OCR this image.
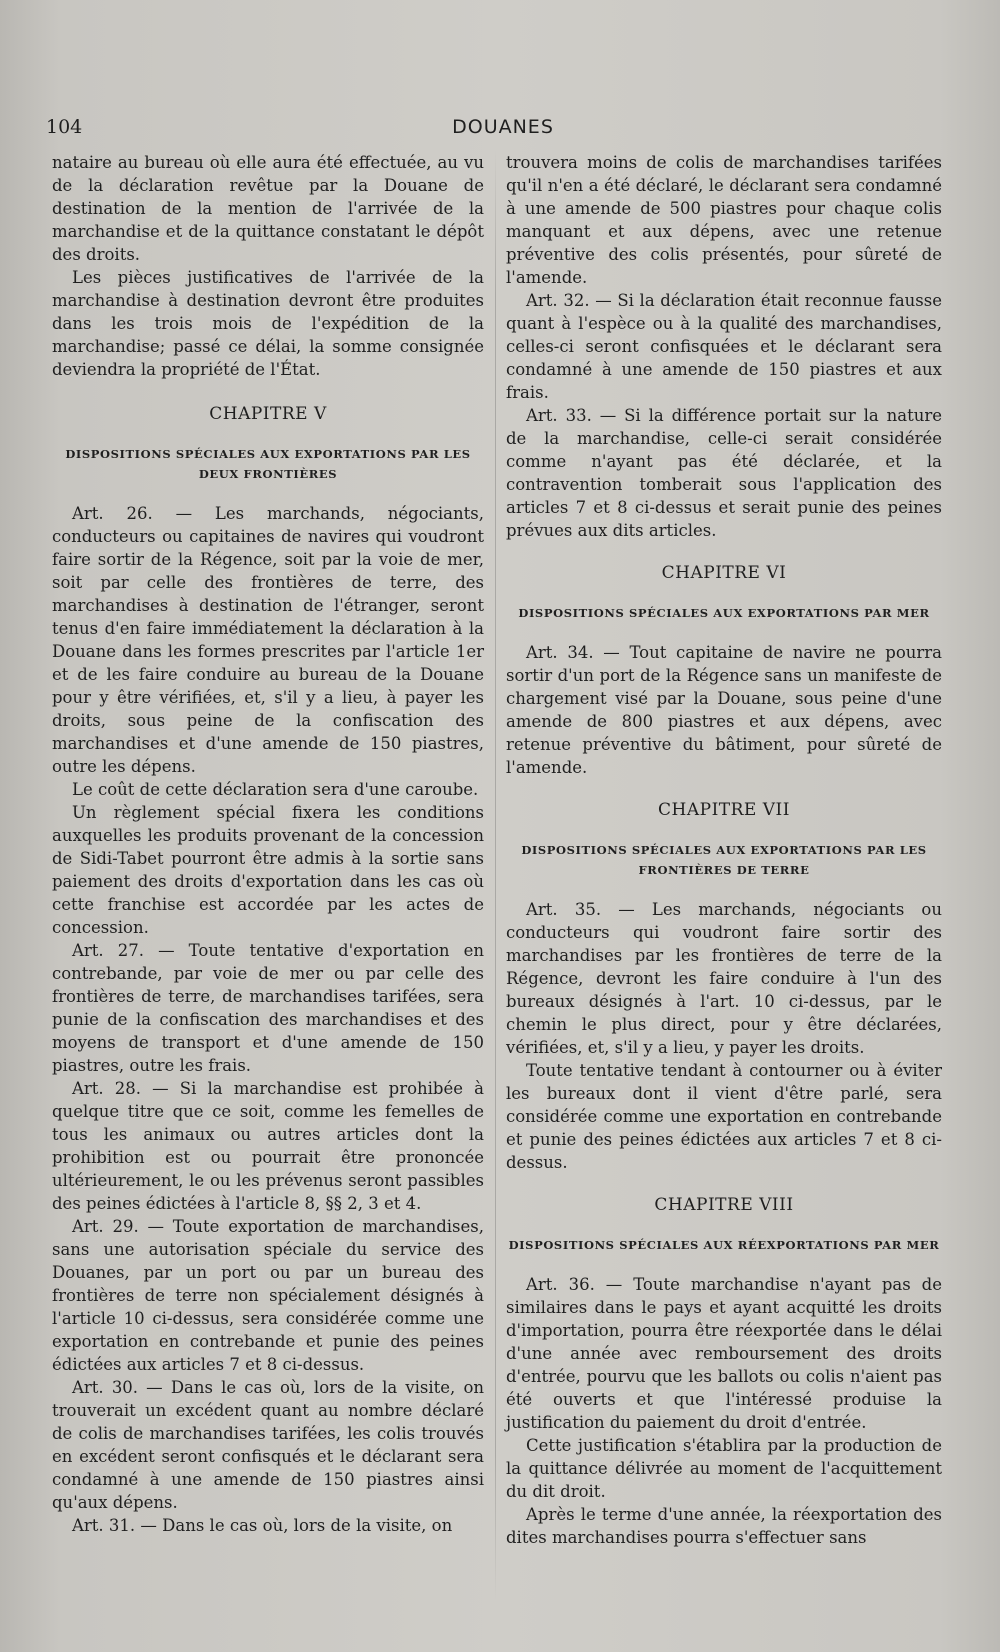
104	DOUANES

nataire au bureau où elle aura été effectuée, au vu de la déclaration revêtue par la Douane de destination de la mention de l'arrivée de la marchandise et de la quittance constatant le dépôt des droits.

Les pièces justificatives de l'arrivée de la marchandise à destination devront être produites dans les trois mois de l'expédition de la marchandise; passé ce délai, la somme consignée deviendra la propriété de l'État.

CHAPITRE V
DISPOSITIONS SPÉCIALES AUX EXPORTATIONS PAR LES DEUX FRONTIÈRES

Art. 26. — Les marchands, négociants, conducteurs ou capitaines de navires qui voudront faire sortir de la Régence, soit par la voie de mer, soit par celle des frontières de terre, des marchandises à destination de l'étranger, seront tenus d'en faire immédiatement la déclaration à la Douane dans les formes prescrites par l'article 1er et de les faire conduire au bureau de la Douane pour y être vérifiées, et, s'il y a lieu, à payer les droits, sous peine de la confiscation des marchandises et d'une amende de 150 piastres, outre les dépens.

Le coût de cette déclaration sera d'une caroube.

Un règlement spécial fixera les conditions auxquelles les produits provenant de la concession de Sidi-Tabet pourront être admis à la sortie sans paiement des droits d'exportation dans les cas où cette franchise est accordée par les actes de concession.

Art. 27. — Toute tentative d'exportation en contrebande, par voie de mer ou par celle des frontières de terre, de marchandises tarifées, sera punie de la confiscation des marchandises et des moyens de transport et d'une amende de 150 piastres, outre les frais.

Art. 28. — Si la marchandise est prohibée à quelque titre que ce soit, comme les femelles de tous les animaux ou autres articles dont la prohibition est ou pourrait être prononcée ultérieurement, le ou les prévenus seront passibles des peines édictées à l'article 8, §§ 2, 3 et 4.

Art. 29. — Toute exportation de marchandises, sans une autorisation spéciale du service des Douanes, par un port ou par un bureau des frontières de terre non spécialement désignés à l'article 10 ci-dessus, sera considérée comme une exportation en contrebande et punie des peines édictées aux articles 7 et 8 ci-dessus.

Art. 30. — Dans le cas où, lors de la visite, on trouverait un excédent quant au nombre déclaré de colis de marchandises tarifées, les colis trouvés en excédent seront confisqués et le déclarant sera condamné à une amende de 150 piastres ainsi qu'aux dépens.

Art. 31. — Dans le cas où, lors de la visite, on

trouvera moins de colis de marchandises tarifées qu'il n'en a été déclaré, le déclarant sera condamné à une amende de 500 piastres pour chaque colis manquant et aux dépens, avec une retenue préventive des colis présentés, pour sûreté de l'amende.

Art. 32. — Si la déclaration était reconnue fausse quant à l'espèce ou à la qualité des marchandises, celles-ci seront confisquées et le déclarant sera condamné à une amende de 150 piastres et aux frais.

Art. 33. — Si la différence portait sur la nature de la marchandise, celle-ci serait considérée comme n'ayant pas été déclarée, et la contravention tomberait sous l'application des articles 7 et 8 ci-dessus et serait punie des peines prévues aux dits articles.

CHAPITRE VI
DISPOSITIONS SPÉCIALES AUX EXPORTATIONS PAR MER

Art. 34. — Tout capitaine de navire ne pourra sortir d'un port de la Régence sans un manifeste de chargement visé par la Douane, sous peine d'une amende de 800 piastres et aux dépens, avec retenue préventive du bâtiment, pour sûreté de l'amende.

CHAPITRE VII
DISPOSITIONS SPÉCIALES AUX EXPORTATIONS PAR LES FRONTIÈRES DE TERRE

Art. 35. — Les marchands, négociants ou conducteurs qui voudront faire sortir des marchandises par les frontières de terre de la Régence, devront les faire conduire à l'un des bureaux désignés à l'art. 10 ci-dessus, par le chemin le plus direct, pour y être déclarées, vérifiées, et, s'il y a lieu, y payer les droits.

Toute tentative tendant à contourner ou à éviter les bureaux dont il vient d'être parlé, sera considérée comme une exportation en contrebande et punie des peines édictées aux articles 7 et 8 ci-dessus.

CHAPITRE VIII
DISPOSITIONS SPÉCIALES AUX RÉEXPORTATIONS PAR MER

Art. 36. — Toute marchandise n'ayant pas de similaires dans le pays et ayant acquitté les droits d'importation, pourra être réexportée dans le délai d'une année avec remboursement des droits d'entrée, pourvu que les ballots ou colis n'aient pas été ouverts et que l'intéressé produise la justification du paiement du droit d'entrée.

Cette justification s'établira par la production de la quittance délivrée au moment de l'acquittement du dit droit.

Après le terme d'une année, la réexportation des dites marchandises pourra s'effectuer sans
